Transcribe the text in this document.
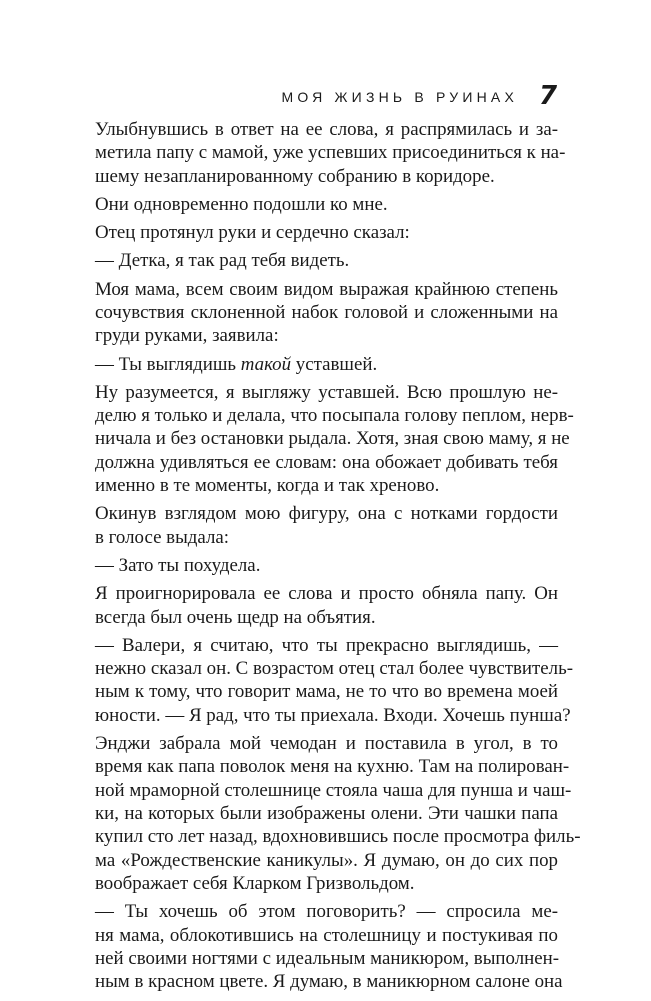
МОЯ ЖИЗНЬ В РУИНАХ 7

Улыбнувшись в ответ на ее слова, я распрямилась и за-
метила папу с мамой, уже успевших присоединиться к на-
шему незапланированному собранию в коридоре.

Они одновременно подошли ко мне.

Отец протянул руки и сердечно сказал:

— Детка, я так рад тебя видеть.

Моя мама, всем своим видом выражая крайнюю степень
сочувствия склоненной набок головой и сложенными на
груди руками, заявила:

— Ты выглядишь такой уставшей.

Ну разумеется, я выгляжу уставшей. Всю прошлую не-
делю я только и делала, что посыпала голову пеплом, нерв-
ничала и без остановки рыдала. Хотя, зная свою маму, я не
должна удивляться ее словам: она обожает добивать тебя
именно в те моменты, когда и так хреново.

Окинув взглядом мою фигуру, она с нотками гордости
в голосе выдала:

— Зато ты похудела.

Я проигнорировала ее слова и просто обняла папу. Он
всегда был очень щедр на объятия.

— Валери, я считаю, что ты прекрасно выглядишь, —
нежно сказал он. С возрастом отец стал более чувствитель-
ным к тому, что говорит мама, не то что во времена моей
юности. — Я рад, что ты приехала. Входи. Хочешь пунша?

Энджи забрала мой чемодан и поставила в угол, в то
время как папа поволок меня на кухню. Там на полирован-
ной мраморной столешнице стояла чаша для пунша и чаш-
ки, на которых были изображены олени. Эти чашки папа
купил сто лет назад, вдохновившись после просмотра филь-
ма «Рождественские каникулы». Я думаю, он до сих пор
воображает себя Кларком Гризвольдом.

— Ты хочешь об этом поговорить? — спросила ме-
ня мама, облокотившись на столешницу и постукивая по
ней своими ногтями с идеальным маникюром, выполнен-
ным в красном цвете. Я думаю, в маникюрном салоне она
